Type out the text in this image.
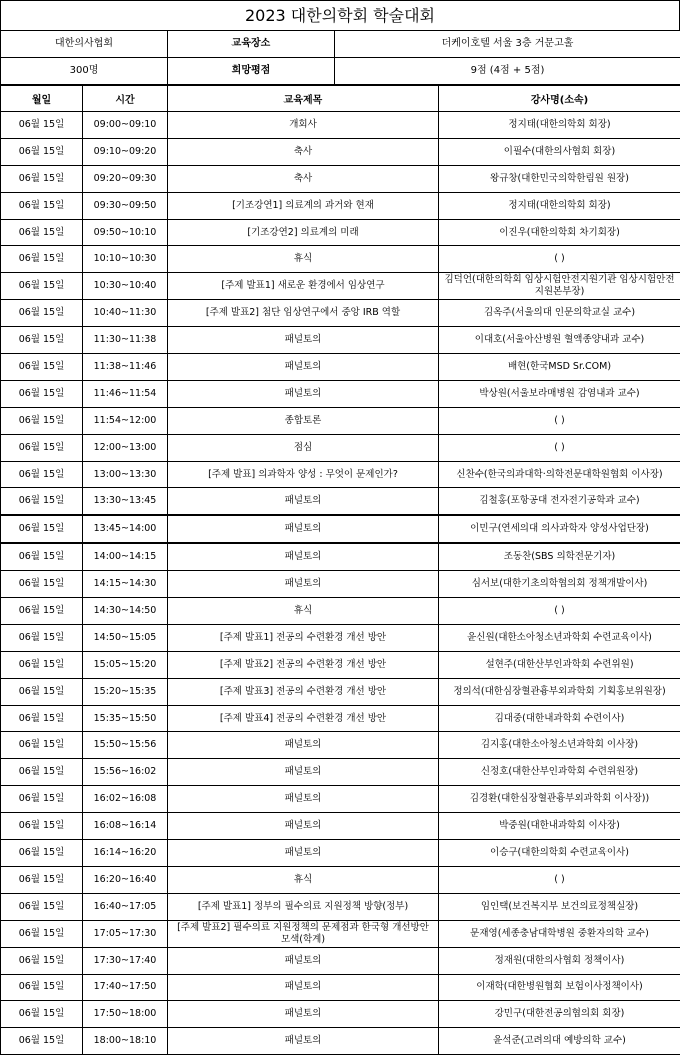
2023 대한의학회 학술대회
대한의사협회	교육장소	더케이호텔 서울 3층 거문고홀
300명	희망평점	9점 (4점 + 5점)
월일	시간	교육제목	강사명(소속)
06월 15일	09:00~09:10	개회사	정지태(대한의학회 회장)
06월 15일	09:10~09:20	축사	이필수(대한의사협회 회장)
06월 15일	09:20~09:30	축사	왕규창(대한민국의학한림원 원장)
06월 15일	09:30~09:50	[기조강연1] 의료계의 과거와 현재	정지태(대한의학회 회장)
06월 15일	09:50~10:10	[기조강연2] 의료계의 미래	이진우(대한의학회 차기회장)
06월 15일	10:10~10:30	휴식	( )
06월 15일	10:30~10:40	[주제 발표1] 새로운 환경에서 임상연구	김덕언(대한의학회 임상시험안전지원기관 임상시험안전지원본부장)
06월 15일	10:40~11:30	[주제 발표2] 첨단 임상연구에서 중앙 IRB 역할	김옥주(서울의대 인문의학교실 교수)
06월 15일	11:30~11:38	패널토의	이대호(서울아산병원 혈액종양내과 교수)
06월 15일	11:38~11:46	패널토의	배현(한국MSD Sr.COM)
06월 15일	11:46~11:54	패널토의	박상원(서울보라매병원 감염내과 교수)
06월 15일	11:54~12:00	종합토론	( )
06월 15일	12:00~13:00	점심	( )
06월 15일	13:00~13:30	[주제 발표] 의과학자 양성 : 무엇이 문제인가?	신찬수(한국의과대학·의학전문대학원협회 이사장)
06월 15일	13:30~13:45	패널토의	김철홍(포항공대 전자전기공학과 교수)
06월 15일	13:45~14:00	패널토의	이민구(연세의대 의사과학자 양성사업단장)
06월 15일	14:00~14:15	패널토의	조동찬(SBS 의학전문기자)
06월 15일	14:15~14:30	패널토의	심서보(대한기초의학협의회 정책개발이사)
06월 15일	14:30~14:50	휴식	( )
06월 15일	14:50~15:05	[주제 발표1] 전공의 수련환경 개선 방안	윤신원(대한소아청소년과학회 수련교육이사)
06월 15일	15:05~15:20	[주제 발표2] 전공의 수련환경 개선 방안	설현주(대한산부인과학회 수련위원)
06월 15일	15:20~15:35	[주제 발표3] 전공의 수련환경 개선 방안	정의석(대한심장혈관흉부외과학회 기획홍보위원장)
06월 15일	15:35~15:50	[주제 발표4] 전공의 수련환경 개선 방안	김대중(대한내과학회 수련이사)
06월 15일	15:50~15:56	패널토의	김지홍(대한소아청소년과학회 이사장)
06월 15일	15:56~16:02	패널토의	신정호(대한산부인과학회 수련위원장)
06월 15일	16:02~16:08	패널토의	김경환(대한심장혈관흉부외과학회 이사장))
06월 15일	16:08~16:14	패널토의	박중원(대한내과학회 이사장)
06월 15일	16:14~16:20	패널토의	이승구(대한의학회 수련교육이사)
06월 15일	16:20~16:40	휴식	( )
06월 15일	16:40~17:05	[주제 발표1] 정부의 필수의료 지원정책 방향(정부)	임인택(보건복지부 보건의료정책실장)
06월 15일	17:05~17:30	[주제 발표2] 필수의료 지원정책의 문제점과 한국형 개선방안 모색(학계)	문재영(세종충남대학병원 중환자의학 교수)
06월 15일	17:30~17:40	패널토의	정재원(대한의사협회 정책이사)
06월 15일	17:40~17:50	패널토의	이재학(대한병원협회 보험이사정책이사)
06월 15일	17:50~18:00	패널토의	강민구(대한전공의협의회 회장)
06월 15일	18:00~18:10	패널토의	윤석준(고려의대 예방의학 교수)
